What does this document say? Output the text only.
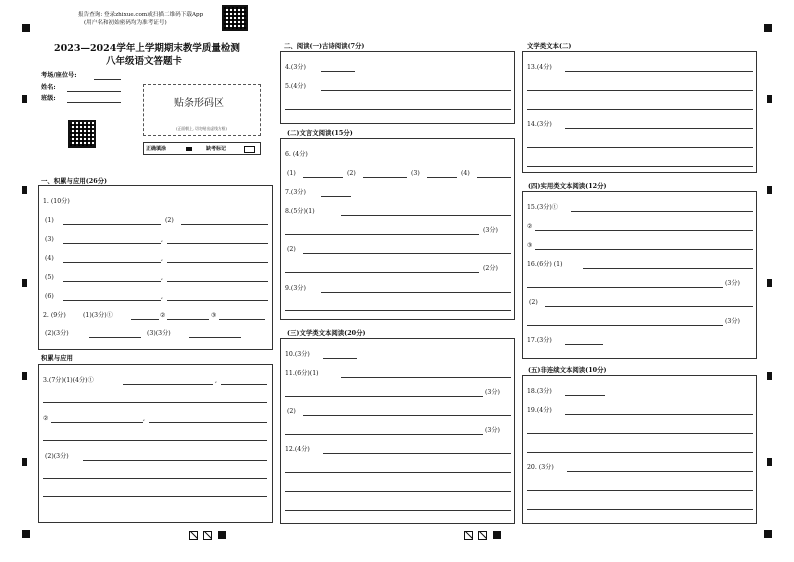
报告查询: 登录zhixue.com或扫描二维码下载App
(用户名和初始密码均为准考证号)
2023—2024学年上学期期末教学质量检测
八年级语文答题卡
考场/座位号:
姓名:
班级:	贴条形码区
(正面朝上, 切勿贴出虚线方框)
正确填涂	缺考标记
一、积累与应用(26分)
1. (10分)
(1)	(2)
(3)	,
(4)	,
(5)	,
(6)	,
2. (9分)	(1)(3分)①	②	③
(2)(3分)	(3)(3分)
积累与应用
3.(7分)(1)(4分)①	,
②	,
(2)(3分)
二、阅读(一)古诗阅读(7分)
4.(3分)
5.(4分)
(二)文言文阅读(15分)
6. (4分)
(1)	(2)	(3)	(4)
7.(3分)
8.(5分)(1)
(3分)
(2)
(2分)
9.(3分)
(三)文学类文本阅读(20分)
10.(3分)
11.(6分)(1)
(3分)
(2)
(3分)
12.(4分)
文学类文本(二)
13.(4分)
14.(3分)
(四)实用类文本阅读(12分)
15.(3分)①
②
③
16.(6分) (1)
(3分)
(2)
(3分)
17.(3分)
(五)非连续文本阅读(10分)
18.(3分)
19.(4分)
20. (3分)
